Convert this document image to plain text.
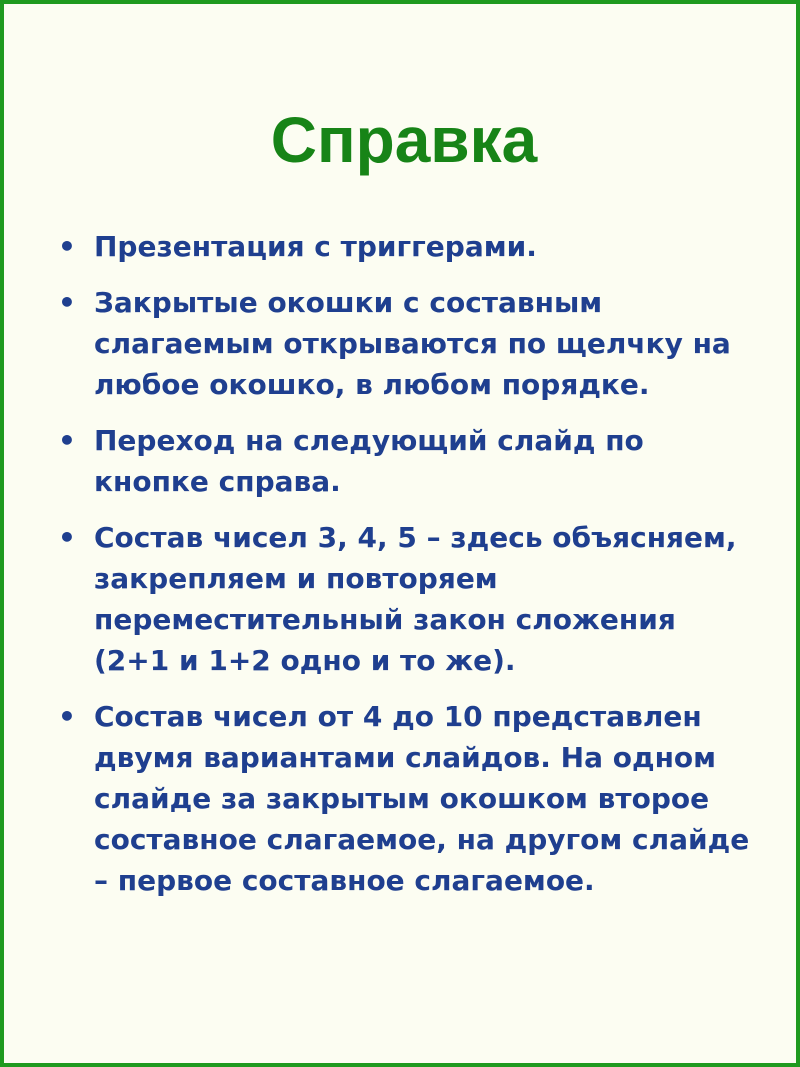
Справка
• Презентация с триггерами.
• Закрытые окошки с составным слагаемым открываются по щелчку на любое окошко, в любом порядке.
• Переход на следующий слайд по кнопке справа.
• Состав чисел 3, 4, 5 – здесь объясняем, закрепляем и повторяем переместительный закон сложения (2+1 и 1+2 одно и то же).
• Состав чисел от 4 до 10 представлен двумя вариантами слайдов. На одном слайде за закрытым окошком второе составное слагаемое, на другом слайде – первое составное слагаемое.
